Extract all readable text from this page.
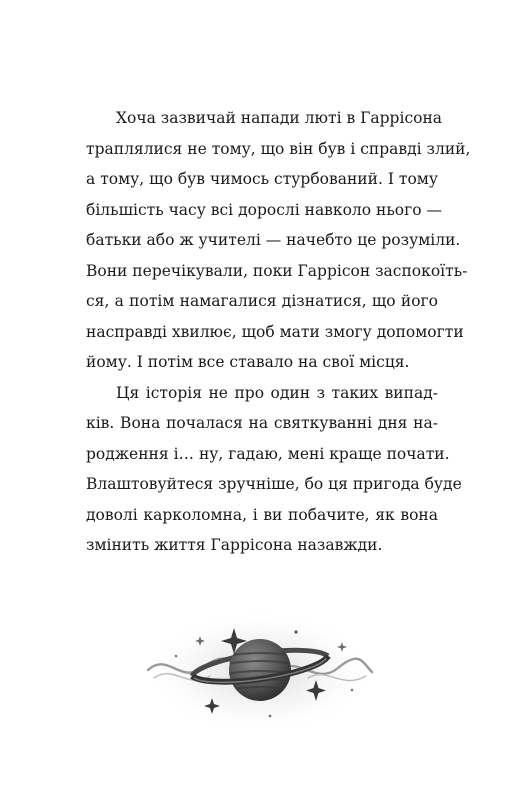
Хоча зазвичай напади люті в Гаррісона
траплялися не тому, що він був і справді злий,
а тому, що був чимось стурбований. І тому
більшість часу всі дорослі навколо нього —
батьки або ж учителі — начебто це розуміли.
Вони перечікували, поки Гаррісон заспокоїть-
ся, а потім намагалися дізнатися, що його
насправді хвилює, щоб мати змогу допомогти
йому. І потім все ставало на свої місця.

Ця історія не про один з таких випад-
ків. Вона почалася на святкуванні дня на-
родження і… ну, гадаю, мені краще почати.
Влаштовуйтеся зручніше, бо ця пригода буде
доволі карколомна, і ви побачите, як вона
змінить життя Гаррісона назавжди.
